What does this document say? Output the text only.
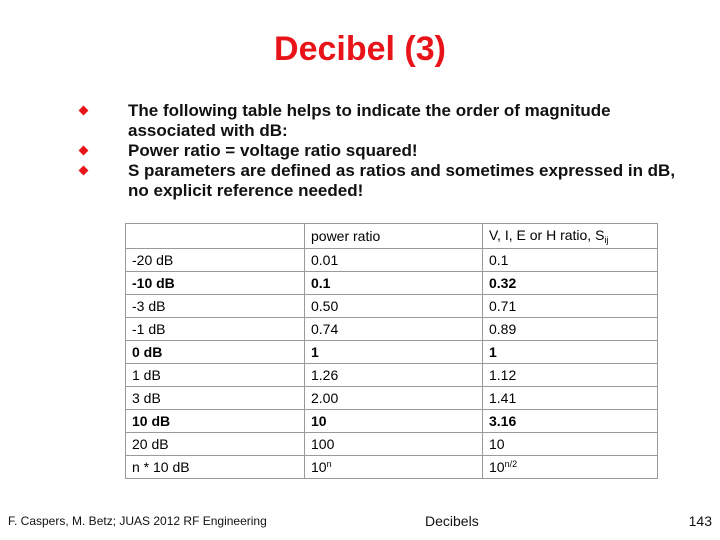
Decibel (3)
The following table helps to indicate the order of magnitude associated with dB:
Power ratio = voltage ratio squared!
S parameters are defined as ratios and sometimes expressed in dB, no explicit reference needed!
	power ratio	V, I, E or H ratio, $S_{ij}$
-20 dB	0.01	0.1
-10 dB	0.1	0.32
-3 dB	0.50	0.71
-1 dB	0.74	0.89
0 dB	1	1
1 dB	1.26	1.12
3 dB	2.00	1.41
10 dB	10	3.16
20 dB	100	10
n * 10 dB	10$^n$	$10^{n/2}$
F. Caspers, M. Betz; JUAS 2012 RF Engineering	Decibels	143
